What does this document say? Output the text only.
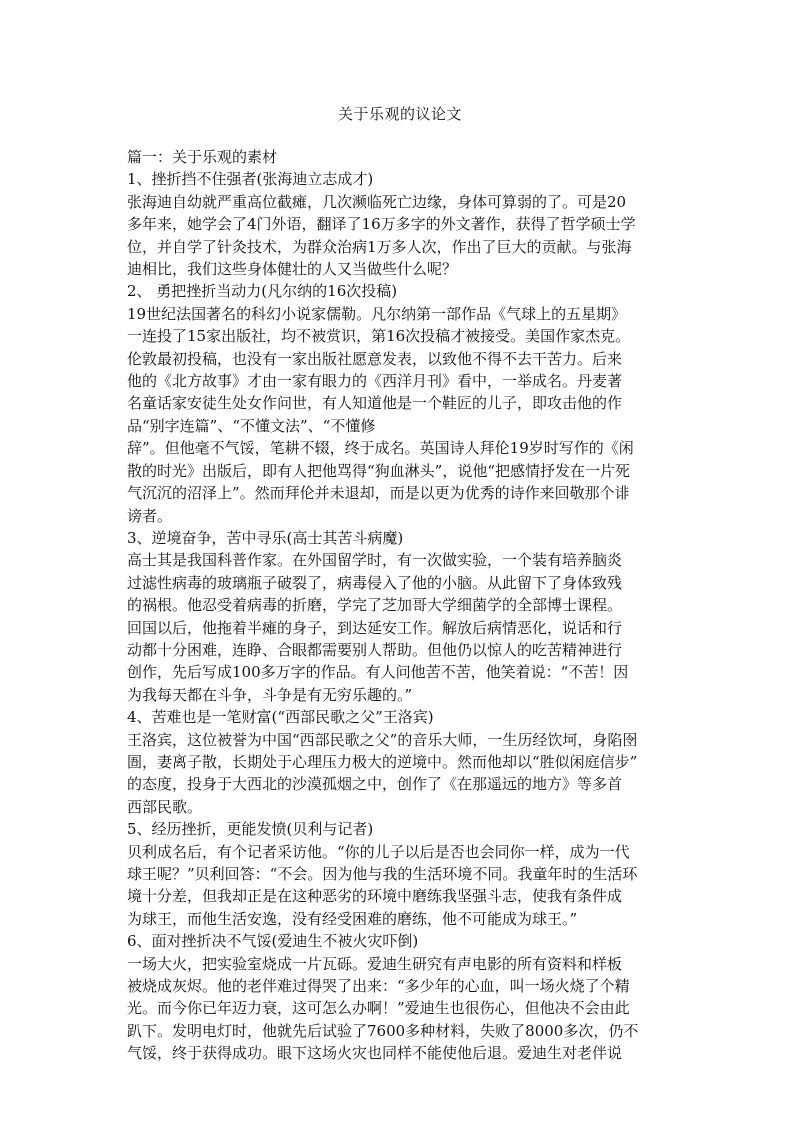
关于乐观的议论文
篇一：关于乐观的素材
1、挫折挡不住强者(张海迪立志成才)
张海迪自幼就严重高位截瘫，几次濒临死亡边缘，身体可算弱的了。可是20
多年来，她学会了4门外语，翻译了16万多字的外文著作，获得了哲学硕士学
位，并自学了针灸技术，为群众治病1万多人次，作出了巨大的贡献。与张海
迪相比，我们这些身体健壮的人又当做些什么呢？
2、 勇把挫折当动力(凡尔纳的16次投稿)
19世纪法国著名的科幻小说家儒勒。凡尔纳第一部作品《气球上的五星期》
一连投了15家出版社，均不被赏识，第16次投稿才被接受。美国作家杰克。
伦敦最初投稿，也没有一家出版社愿意发表，以致他不得不去干苦力。后来
他的《北方故事》才由一家有眼力的《西洋月刊》看中，一举成名。丹麦著
名童话家安徒生处女作问世，有人知道他是一个鞋匠的儿子，即攻击他的作
品“别字连篇”、“不懂文法”、“不懂修
辞”。但他毫不气馁，笔耕不辍，终于成名。英国诗人拜伦19岁时写作的《闲
散的时光》出版后，即有人把他骂得“狗血淋头”，说他“把感情抒发在一片死
气沉沉的沼泽上”。然而拜伦并未退却，而是以更为优秀的诗作来回敬那个诽
谤者。
3、逆境奋争，苦中寻乐(高士其苦斗病魔)
高士其是我国科普作家。在外国留学时，有一次做实验，一个装有培养脑炎
过滤性病毒的玻璃瓶子破裂了，病毒侵入了他的小脑。从此留下了身体致残
的祸根。他忍受着病毒的折磨，学完了芝加哥大学细菌学的全部博士课程。
回国以后，他拖着半瘫的身子，到达延安工作。解放后病情恶化，说话和行
动都十分困难，连睁、合眼都需要别人帮助。但他仍以惊人的吃苦精神进行
创作，先后写成100多万字的作品。有人问他苦不苦，他笑着说：“不苦！因
为我每天都在斗争，斗争是有无穷乐趣的。”
4、苦难也是一笔财富(“西部民歌之父”王洛宾)
王洛宾，这位被誉为中国“西部民歌之父”的音乐大师，一生历经饮坷，身陷囹
圄，妻离子散，长期处于心理压力极大的逆境中。然而他却以“胜似闲庭信步”
的态度，投身于大西北的沙漠孤烟之中，创作了《在那遥远的地方》等多首
西部民歌。
5、经历挫折，更能发愤(贝利与记者)
贝利成名后，有个记者采访他。“你的儿子以后是否也会同你一样，成为一代
球王呢？”贝利回答：“不会。因为他与我的生活环境不同。我童年时的生活环
境十分差，但我却正是在这种恶劣的环境中磨练我坚强斗志，使我有条件成
为球王，而他生活安逸，没有经受困难的磨练，他不可能成为球王。”
6、面对挫折决不气馁(爱迪生不被火灾吓倒)
一场大火，把实验室烧成一片瓦砾。爱迪生研究有声电影的所有资料和样板
被烧成灰烬。他的老伴难过得哭了出来：“多少年的心血，叫一场火烧了个精
光。而今你已年迈力衰，这可怎么办啊！”爱迪生也很伤心，但他决不会由此
趴下。发明电灯时，他就先后试验了7600多种材料，失败了8000多次，仍不
气馁，终于获得成功。眼下这场火灾也同样不能使他后退。爱迪生对老伴说
